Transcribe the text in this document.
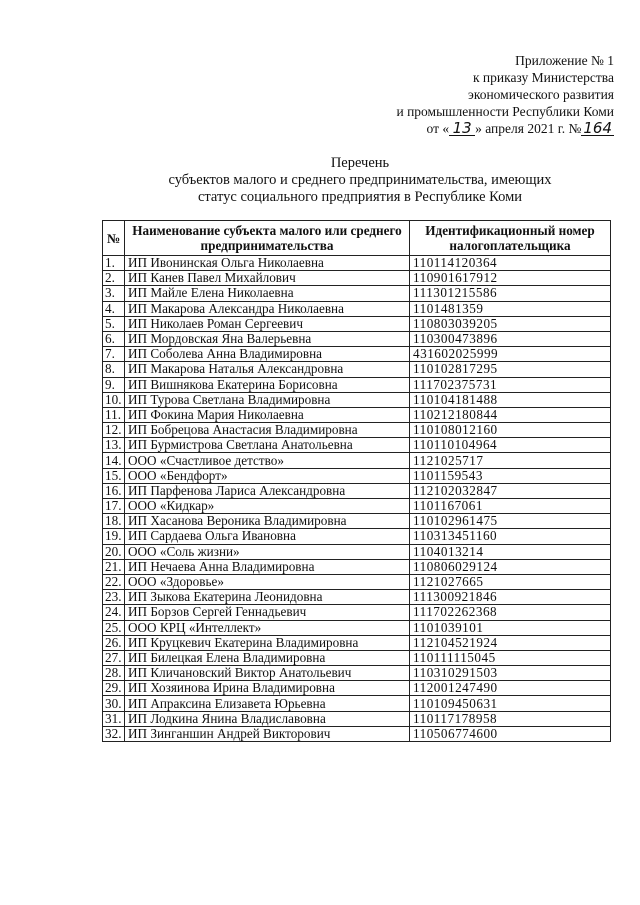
Приложение № 1
к приказу Министерства
экономического развития
и промышленности Республики Коми
от « 13 » апреля 2021 г. № 164
Перечень
субъектов малого и среднего предпринимательства, имеющих
статус социального предприятия в Республике Коми
№	Наименование субъекта малого или среднего предпринимательства	Идентификационный номер налогоплательщика
1.	ИП Ивонинская Ольга Николаевна	110114120364
2.	ИП Канев Павел Михайлович	110901617912
3.	ИП Майле Елена Николаевна	111301215586
4.	ИП Макарова Александра Николаевна	1101481359
5.	ИП Николаев Роман Сергеевич	110803039205
6.	ИП Мордовская Яна Валерьевна	110300473896
7.	ИП Соболева Анна Владимировна	431602025999
8.	ИП Макарова Наталья Александровна	110102817295
9.	ИП Вишнякова Екатерина Борисовна	111702375731
10.	ИП Турова Светлана Владимировна	110104181488
11.	ИП Фокина Мария Николаевна	110212180844
12.	ИП Бобрецова Анастасия Владимировна	110108012160
13.	ИП Бурмистрова Светлана Анатольевна	110110104964
14.	ООО «Счастливое детство»	1121025717
15.	ООО «Бендфорт»	1101159543
16.	ИП Парфенова Лариса Александровна	112102032847
17.	ООО «Кидкар»	1101167061
18.	ИП Хасанова Вероника Владимировна	110102961475
19.	ИП Сардаева Ольга Ивановна	110313451160
20.	ООО «Соль жизни»	1104013214
21.	ИП Нечаева Анна Владимировна	110806029124
22.	ООО «Здоровье»	1121027665
23.	ИП Зыкова Екатерина Леонидовна	111300921846
24.	ИП Борзов Сергей Геннадьевич	111702262368
25.	ООО КРЦ «Интеллект»	1101039101
26.	ИП Круцкевич Екатерина Владимировна	112104521924
27.	ИП Билецкая Елена Владимировна	110111115045
28.	ИП Кличановский Виктор Анатольевич	110310291503
29.	ИП Хозяинова Ирина Владимировна	112001247490
30.	ИП Апраксина Елизавета Юрьевна	110109450631
31.	ИП Лодкина Янина Владиславовна	110117178958
32.	ИП Зинганшин Андрей Викторович	110506774600
